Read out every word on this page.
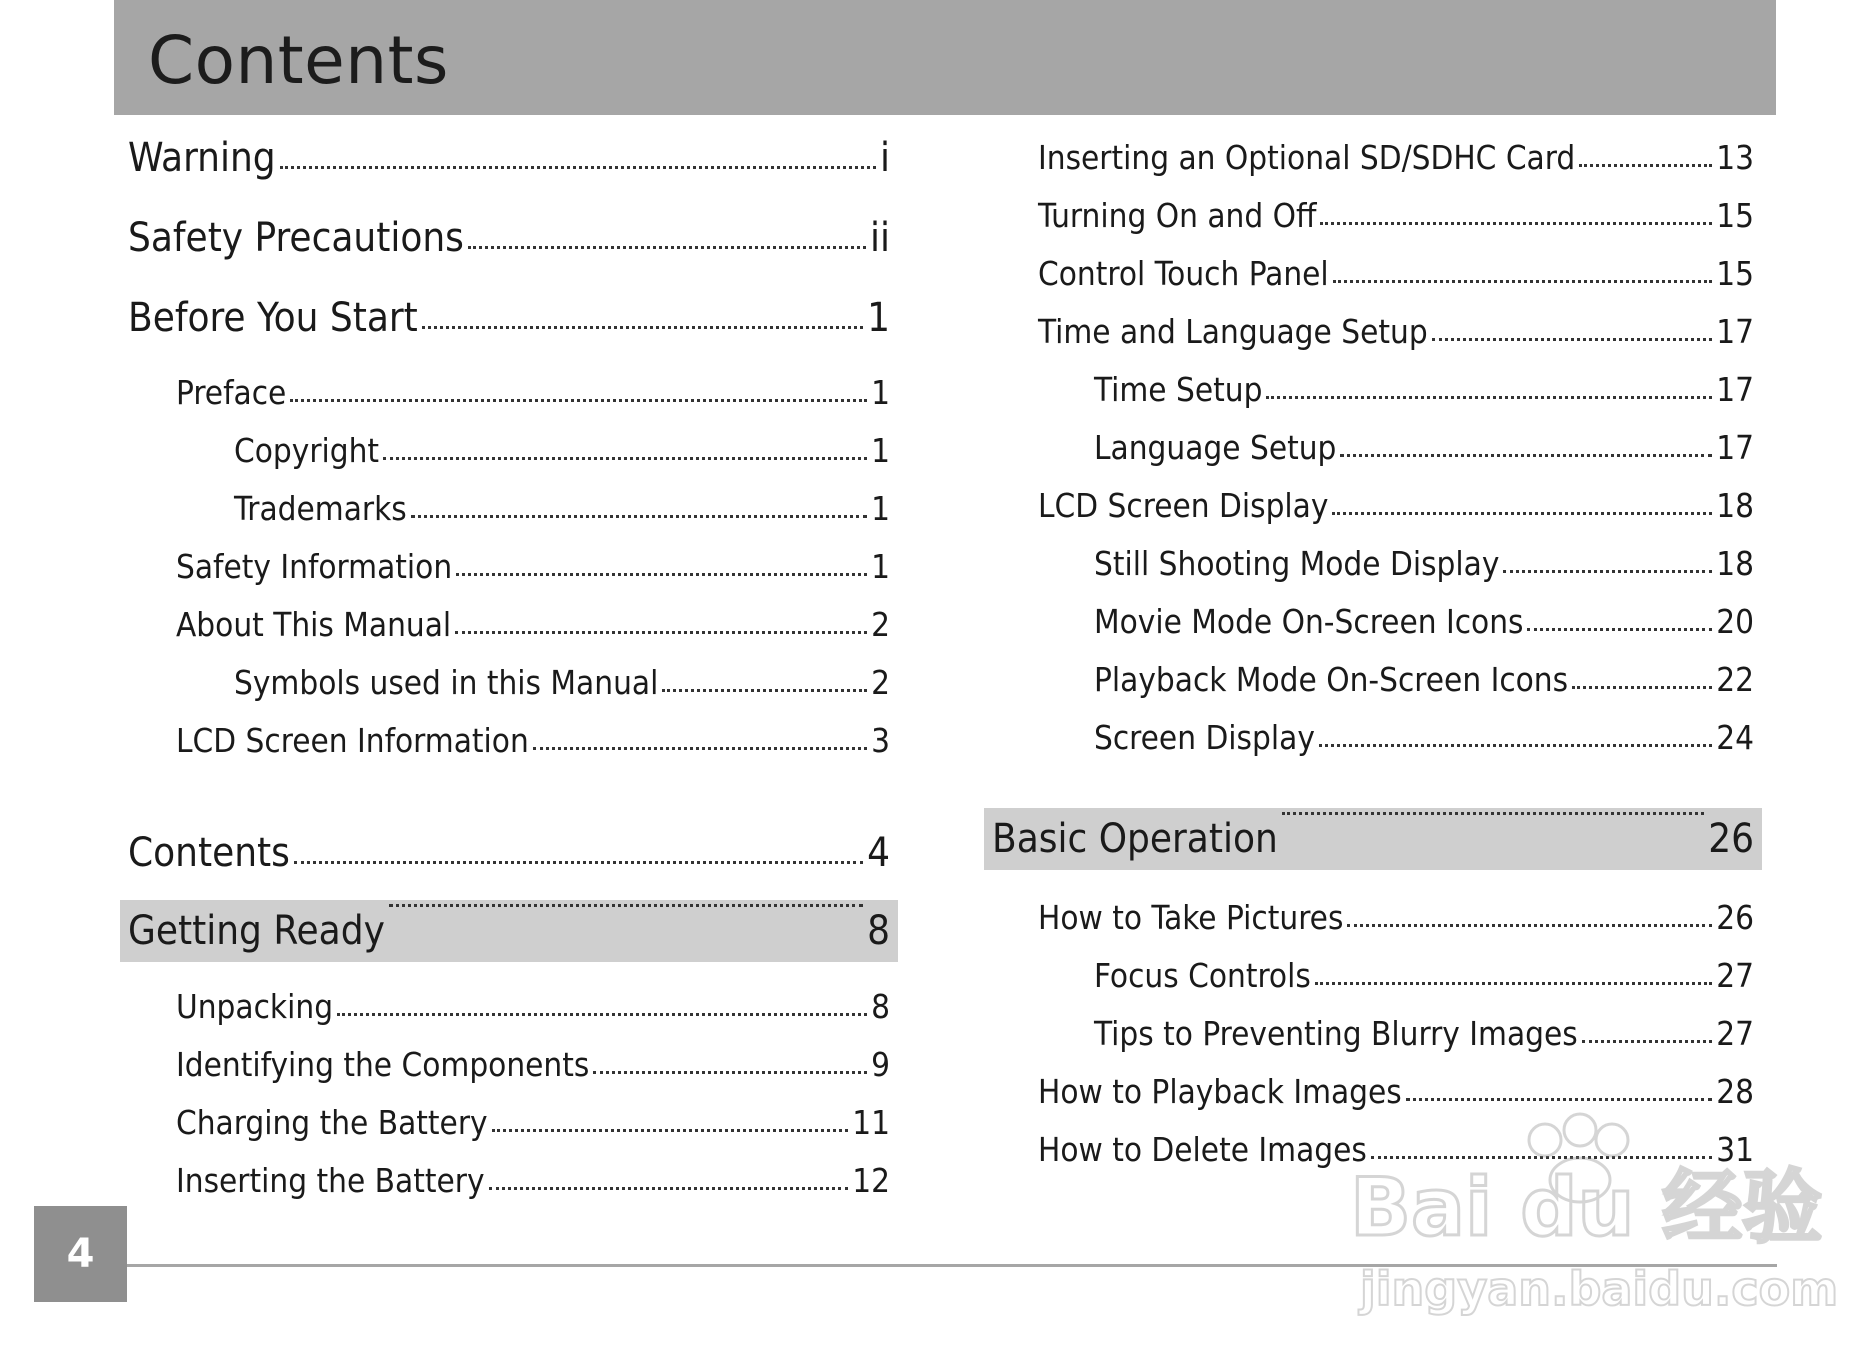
Contents
Warning	i
Safety Precautions	ii
Before You Start	1
Preface	1
Copyright	1
Trademarks	1
Safety Information	1
About This Manual	2
Symbols used in this Manual	2
LCD Screen Information	3
Contents	4
Getting Ready	8
Unpacking	8
Identifying the Components	9
Charging the Battery	11
Inserting the Battery	12
Inserting an Optional SD/SDHC Card	13
Turning On and Off	15
Control Touch Panel	15
Time and Language Setup	17
Time Setup	17
Language Setup	17
LCD Screen Display	18
Still Shooting Mode Display	18
Movie Mode On-Screen Icons	20
Playback Mode On-Screen Icons	22
Screen Display	24
Basic Operation	26
How to Take Pictures	26
Focus Controls	27
Tips to Preventing Blurry Images	27
How to Playback Images	28
How to Delete Images	31
4	Bai du 经验
jingyan.baidu.com
